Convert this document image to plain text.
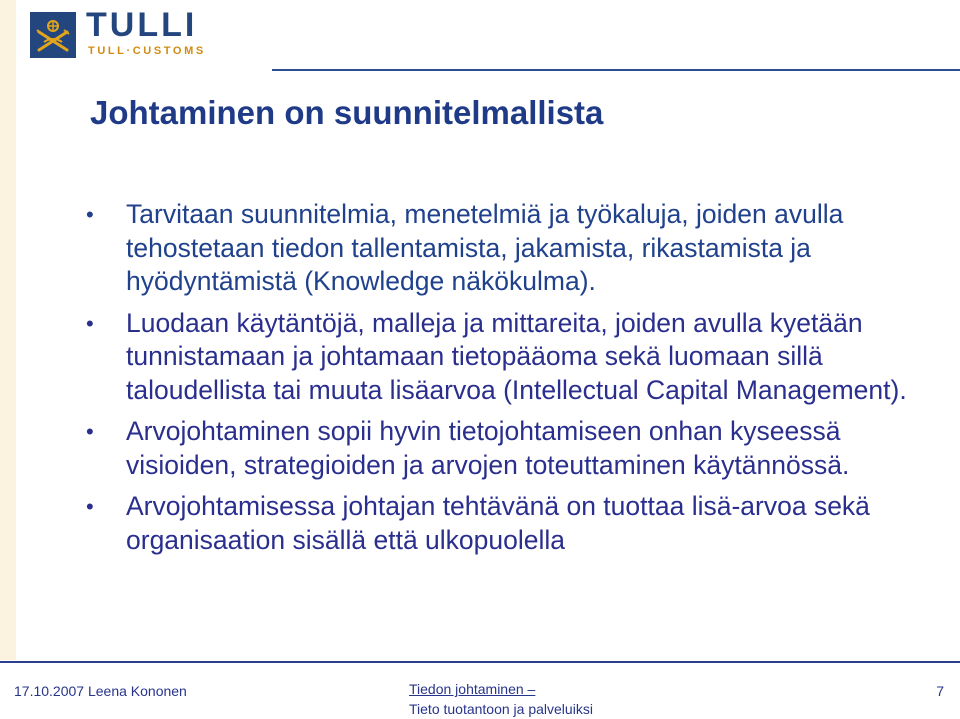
TULLI
TULL·CUSTOMS
Johtaminen on suunnitelmallista
• Tarvitaan suunnitelmia, menetelmiä ja työkaluja, joiden avulla tehostetaan tiedon tallentamista, jakamista, rikastamista ja hyödyntämistä (Knowledge näkökulma).
• Luodaan käytäntöjä, malleja ja mittareita, joiden avulla kyetään tunnistamaan ja johtamaan tietopääoma sekä luomaan sillä taloudellista tai muuta lisäarvoa (Intellectual Capital Management).
• Arvojohtaminen sopii hyvin tietojohtamiseen onhan kyseessä visioiden, strategioiden ja arvojen toteuttaminen käytännössä.
• Arvojohtamisessa johtajan tehtävänä on tuottaa lisä-arvoa sekä organisaation sisällä että ulkopuolella
17.10.2007 Leena Kononen	Tiedon johtaminen –
Tieto tuotantoon ja palveluiksi
7
